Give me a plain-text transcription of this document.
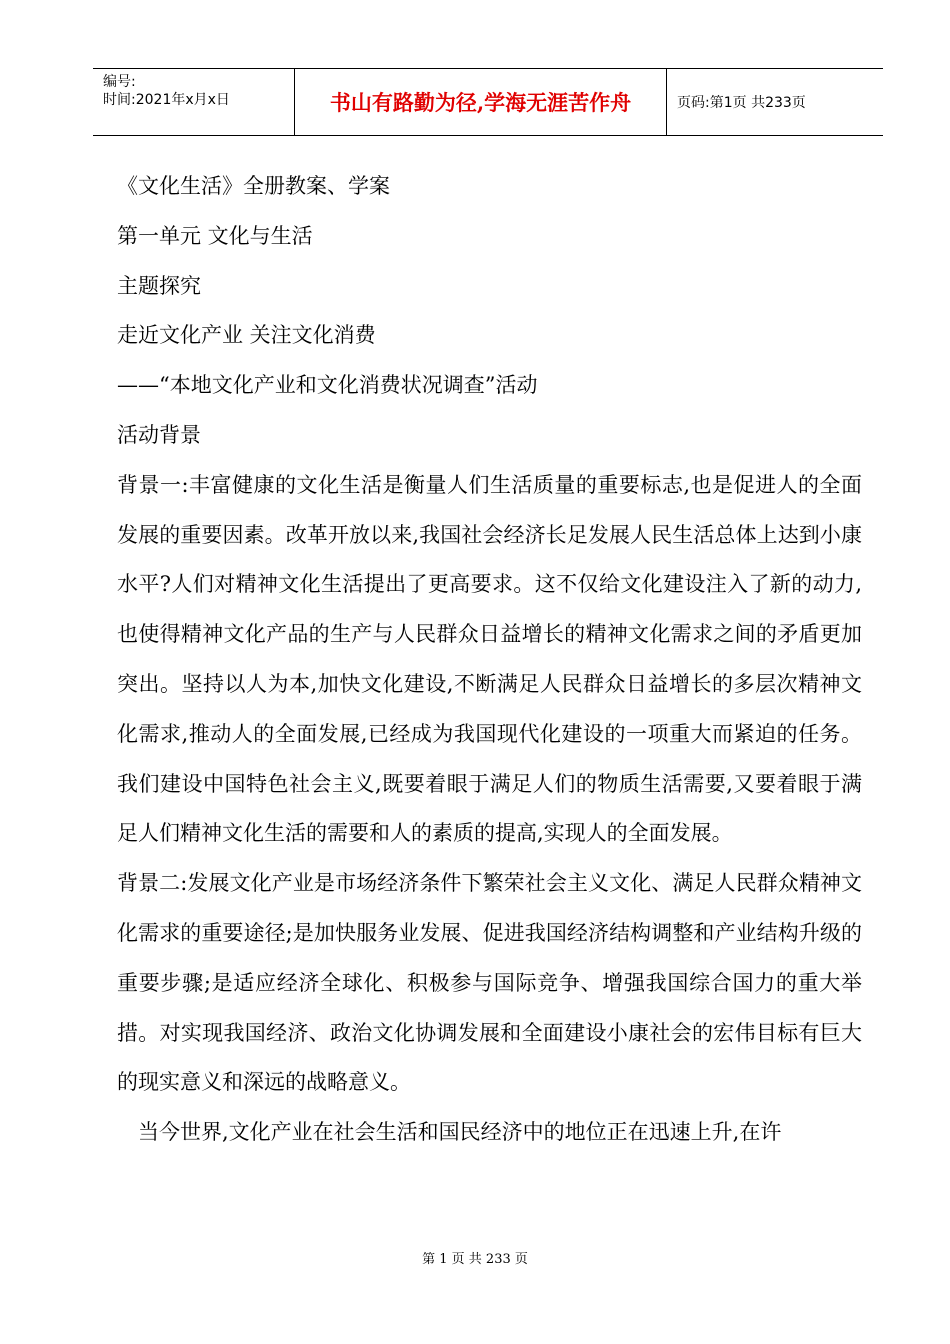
编号:
时间:2021年x月x日	书山有路勤为径,学海无涯苦作舟	页码:第1页 共233页

《文化生活》全册教案、学案

第一单元 文化与生活

主题探究

走近文化产业 关注文化消费

——“本地文化产业和文化消费状况调查”活动

活动背景

背景一:丰富健康的文化生活是衡量人们生活质量的重要标志,也是促进人的全面发展的重要因素。改革开放以来,我国社会经济长足发展人民生活总体上达到小康水平?人们对精神文化生活提出了更高要求。这不仅给文化建设注入了新的动力,也使得精神文化产品的生产与人民群众日益增长的精神文化需求之间的矛盾更加突出。坚持以人为本,加快文化建设,不断满足人民群众日益增长的多层次精神文化需求,推动人的全面发展,已经成为我国现代化建设的一项重大而紧迫的任务。我们建设中国特色社会主义,既要着眼于满足人们的物质生活需要,又要着眼于满足人们精神文化生活的需要和人的素质的提高,实现人的全面发展。

背景二:发展文化产业是市场经济条件下繁荣社会主义文化、满足人民群众精神文化需求的重要途径;是加快服务业发展、促进我国经济结构调整和产业结构升级的重要步骤;是适应经济全球化、积极参与国际竞争、增强我国综合国力的重大举措。对实现我国经济、政治文化协调发展和全面建设小康社会的宏伟目标有巨大的现实意义和深远的战略意义。

当今世界,文化产业在社会生活和国民经济中的地位正在迅速上升,在许

第 1 页 共 233 页
